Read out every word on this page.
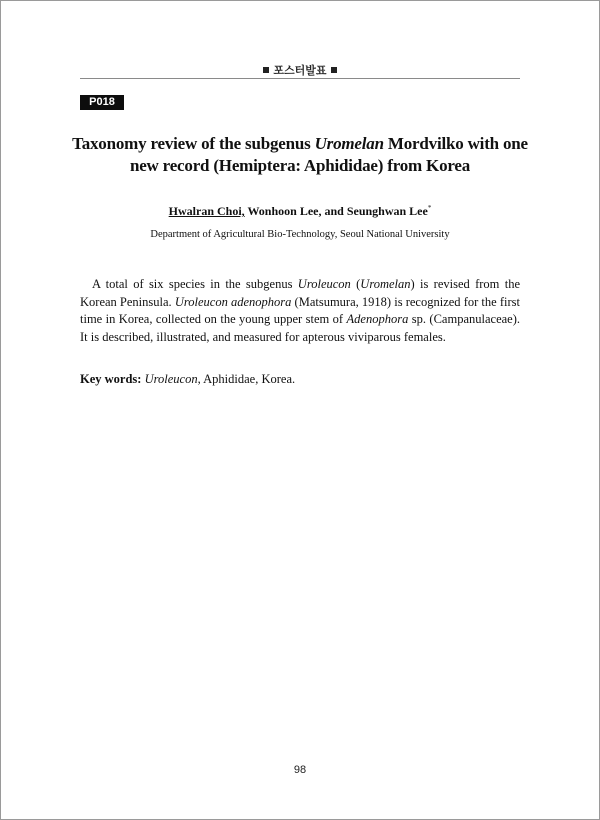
포스터발표
P018
Taxonomy review of the subgenus Uromelan Mordvilko with one new record (Hemiptera: Aphididae) from Korea
Hwalran Choi, Wonhoon Lee, and Seunghwan Lee*
Department of Agricultural Bio-Technology, Seoul National University
A total of six species in the subgenus Uroleucon (Uromelan) is revised from the Korean Peninsula. Uroleucon adenophora (Matsumura, 1918) is recognized for the first time in Korea, collected on the young upper stem of Adenophora sp. (Campanulaceae). It is described, illustrated, and measured for apterous viviparous females.
Key words: Uroleucon, Aphididae, Korea.
98
